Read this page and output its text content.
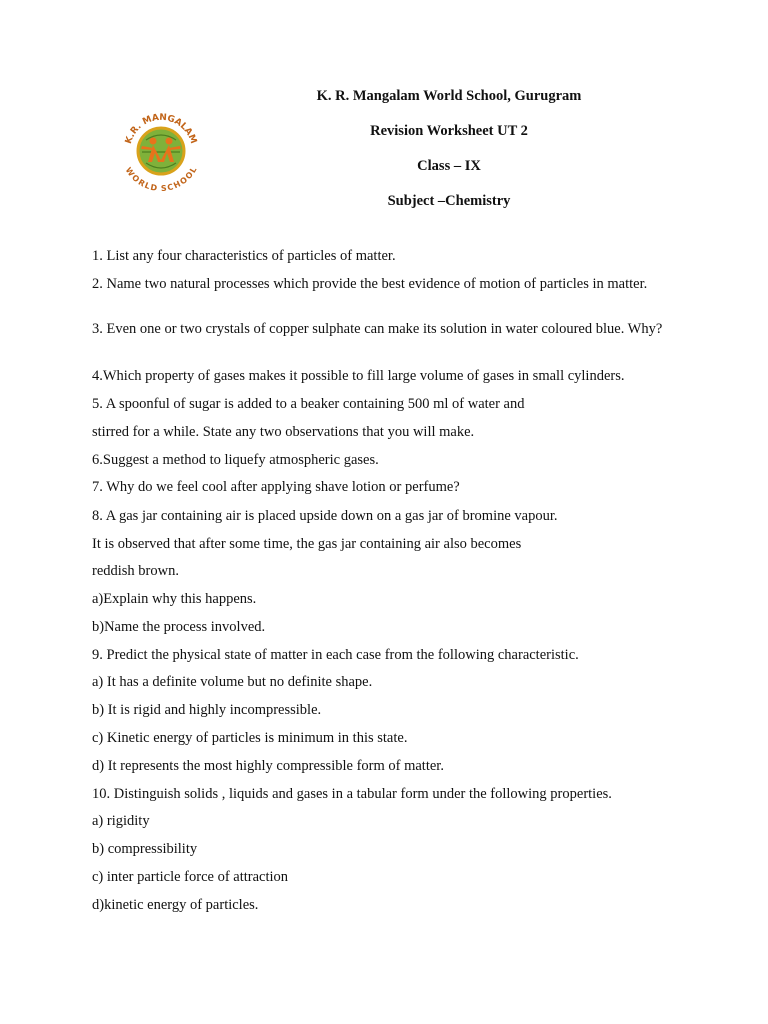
K.R. MANGALAM
WORLD SCHOOL
K. R. Mangalam World School, Gurugram
Revision Worksheet UT 2
Class – IX
Subject –Chemistry
1. List any four characteristics of particles of matter.
2. Name two natural processes which provide the best evidence of motion of particles in matter.
3. Even one or two crystals of copper sulphate can make its solution in water coloured blue. Why?
4.Which property of gases makes it possible to fill large volume of gases in small cylinders.
5. A spoonful of sugar is added to a beaker containing 500 ml of water and
stirred for a while. State any two observations that you will make.
6.Suggest a method to liquefy atmospheric gases.
7. Why do we feel cool after applying shave lotion or perfume?
8. A gas jar containing air is placed upside down on a gas jar of bromine vapour.
It is observed that after some time, the gas jar containing air also becomes
reddish brown.
a)Explain why this happens.
b)Name the process involved.
9. Predict the physical state of matter in each case from the following characteristic.
a) It has a definite volume but no definite shape.
b) It is rigid and highly incompressible.
c) Kinetic energy of particles is minimum in this state.
d) It represents the most highly compressible form of matter.
10. Distinguish solids , liquids and gases in a tabular form under the following properties.
a) rigidity
b) compressibility
c) inter particle force of attraction
d)kinetic energy of particles.
